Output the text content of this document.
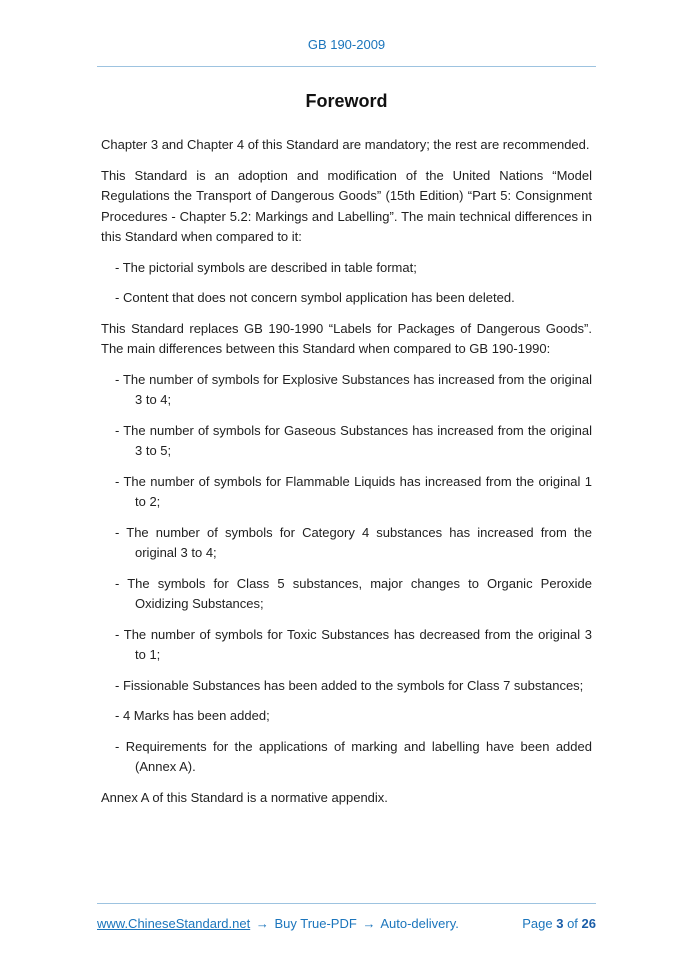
GB 190-2009
Foreword

Chapter 3 and Chapter 4 of this Standard are mandatory; the rest are recommended.

This Standard is an adoption and modification of the United Nations “Model Regulations the Transport of Dangerous Goods” (15th Edition) “Part 5: Consignment Procedures - Chapter 5.2: Markings and Labelling”. The main technical differences in this Standard when compared to it:

- The pictorial symbols are described in table format;
- Content that does not concern symbol application has been deleted.

This Standard replaces GB 190-1990 “Labels for Packages of Dangerous Goods”. The main differences between this Standard when compared to GB 190-1990:

- The number of symbols for Explosive Substances has increased from the original 3 to 4;
- The number of symbols for Gaseous Substances has increased from the original 3 to 5;
- The number of symbols for Flammable Liquids has increased from the original 1 to 2;
- The number of symbols for Category 4 substances has increased from the original 3 to 4;
- The symbols for Class 5 substances, major changes to Organic Peroxide Oxidizing Substances;
- The number of symbols for Toxic Substances has decreased from the original 3 to 1;
- Fissionable Substances has been added to the symbols for Class 7 substances;
- 4 Marks has been added;
- Requirements for the applications of marking and labelling have been added (Annex A).

Annex A of this Standard is a normative appendix.

www.ChineseStandard.net → Buy True-PDF → Auto-delivery.	Page 3 of 26
